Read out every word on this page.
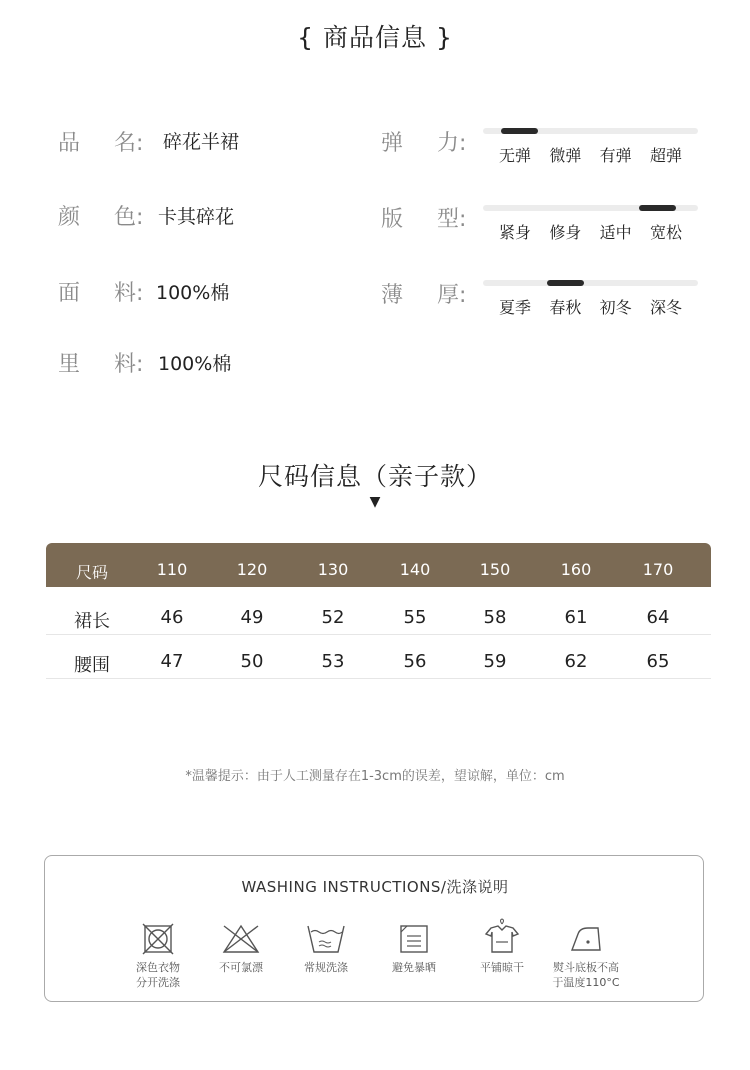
{ 商品信息 }
品 名: 碎花半裙
颜 色: 卡其碎花
面 料: 100%棉
里 料: 100%棉
弹 力: 无弹 微弹 有弹 超弹
版 型:
紧身 修身 适中 宽松
薄 厚: 夏季 春秋 初冬 深冬
尺码信息（亲子款）
▼
尺码	110	120	130	140	150	160	170
裙长	46	49	52	55	58	61	64
腰围	47	50	53	56	59	62	65
*温馨提示：由于人工测量存在1-3cm的误差，望谅解，单位：cm
WASHING INSTRUCTIONS/洗涤说明
深色衣物
分开洗涤
不可氯漂	常规洗涤	避免暴晒	平铺晾干	熨斗底板不高
于温度110°C
